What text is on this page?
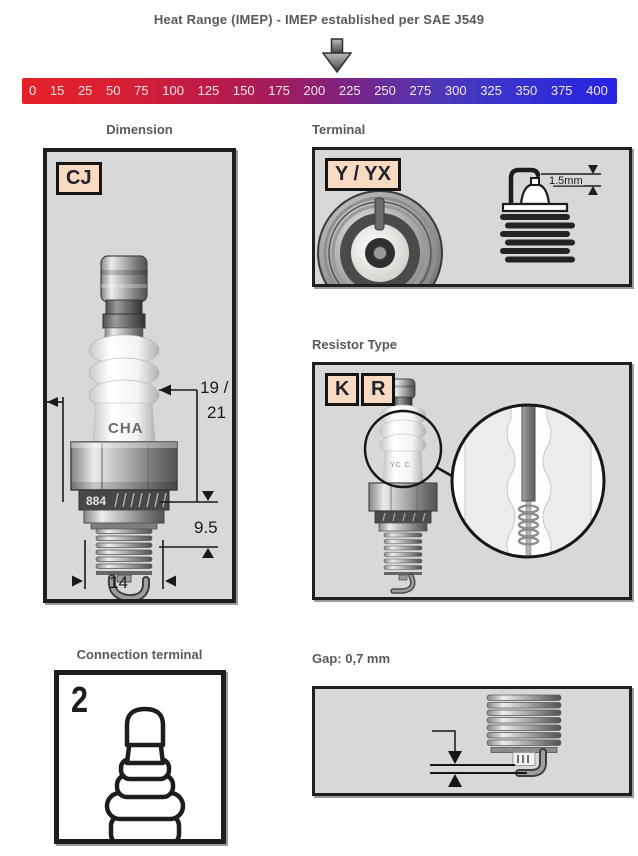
Heat Range (IMEP) - IMEP established per SAE J549
0 15 25 50 75 100 125 150 175 200 225 250 275 300 325 350 375 400
Dimension
CJ
CHA
884
19 /
21
9.5
14
Terminal
Y / YX	1.5mm
Resistor Type
K	R
YC C
Connection terminal
2
Gap: 0,7 mm
